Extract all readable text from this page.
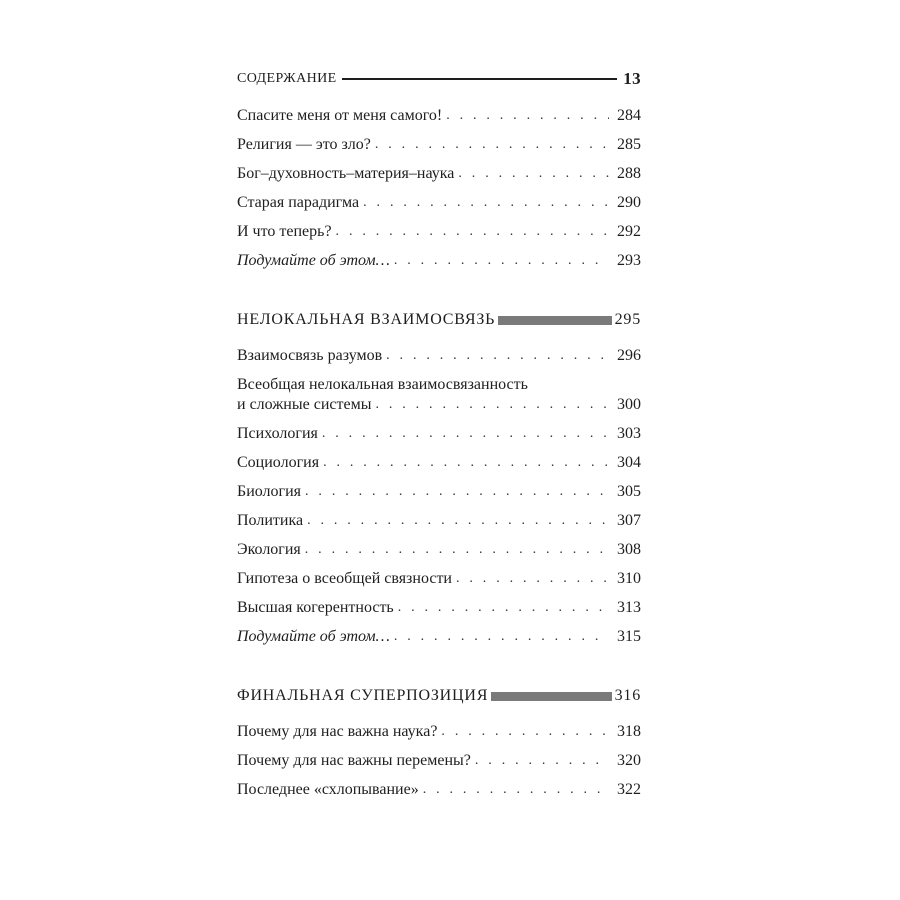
СОДЕРЖАНИЕ	13
Спасите меня от меня самого! . . .	284
Религия — это зло? . . .	285
Бог–духовность–материя–наука . . .	288
Старая парадигма . . .	290
И что теперь? . . .	292
Подумайте об этом… . . .	293
НЕЛОКАЛЬНАЯ ВЗАИМОСВЯЗЬ	295
Взаимосвязь разумов . . .	296
Всеобщая нелокальная взаимосвязанность
и сложные системы . . .	300
Психология . . .	303
Социология . . .	304
Биология . . .	305
Политика . . .	307
Экология . . .	308
Гипотеза о всеобщей связности . . .	310
Высшая когерентность . . .	313
Подумайте об этом… . . .	315
ФИНАЛЬНАЯ СУПЕРПОЗИЦИЯ	316
Почему для нас важна наука? . . .	318
Почему для нас важны перемены? . . .	320
Последнее «схлопывание» . . .	322
